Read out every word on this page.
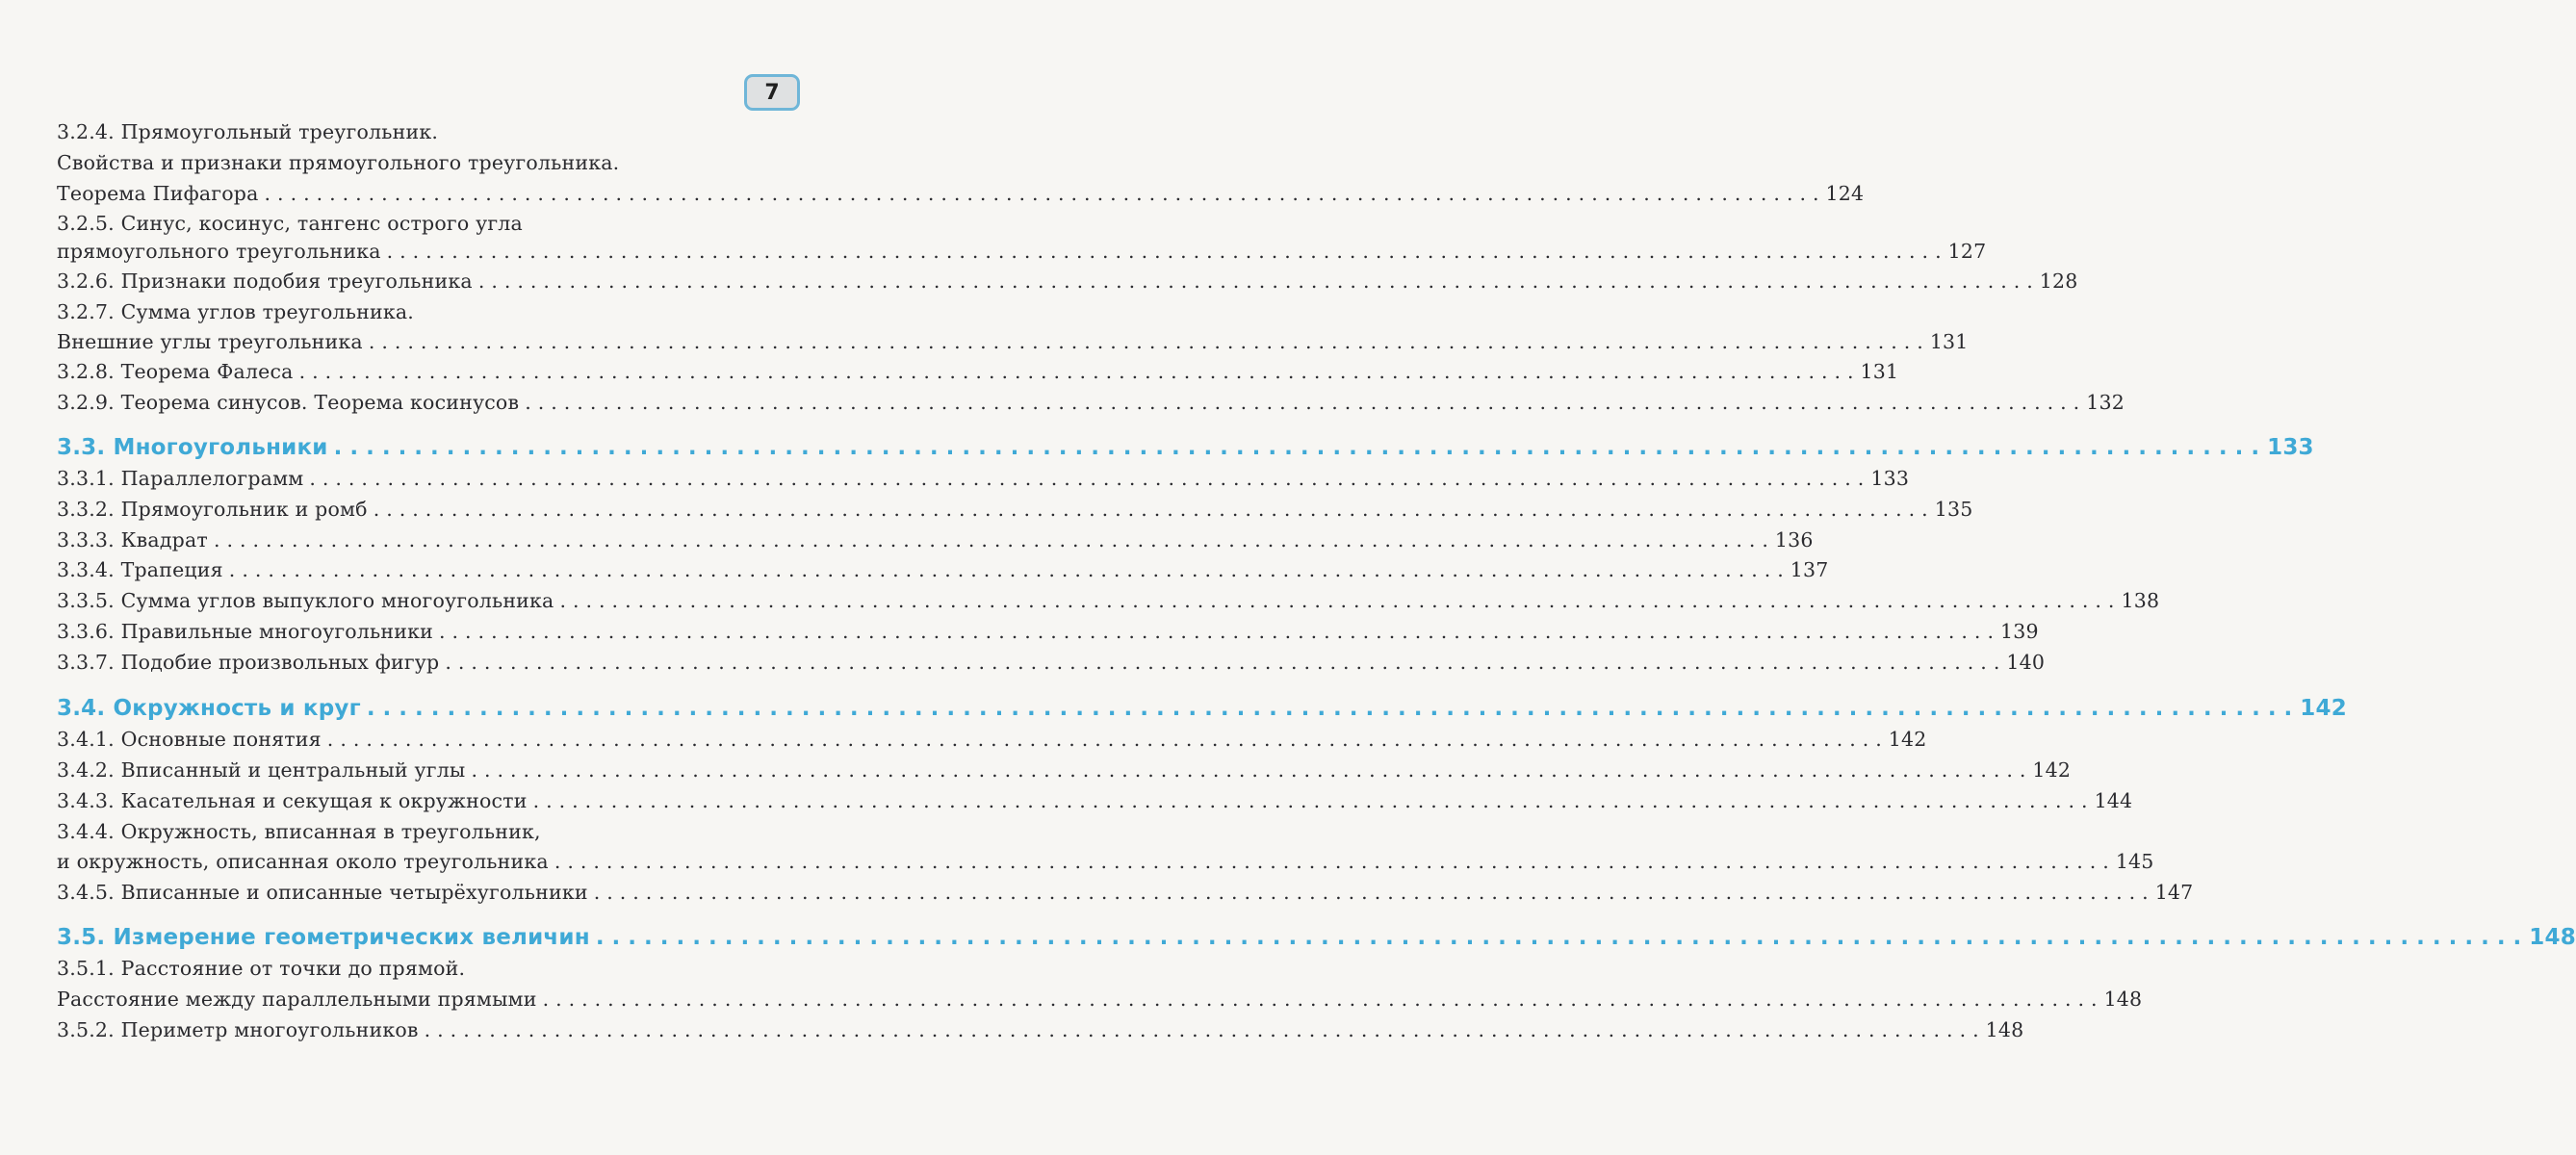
7
3.2.4. Прямоугольный треугольник.
Свойства и признаки прямоугольного треугольника.
Теорема Пифагора ........................................................................................................................ 124
3.2.5. Синус, косинус, тангенс острого угла
прямоугольного треугольника ........................................................................................................................ 127
3.2.6. Признаки подобия треугольника ........................................................................................................................ 128
3.2.7. Сумма углов треугольника.
Внешние углы треугольника ........................................................................................................................ 131
3.2.8. Теорема Фалеса ........................................................................................................................ 131
3.2.9. Теорема синусов. Теорема косинусов ........................................................................................................................ 132
3.3. Многоугольники ........................................................................................................................ 133
3.3.1. Параллелограмм ........................................................................................................................ 133
3.3.2. Прямоугольник и ромб ........................................................................................................................ 135
3.3.3. Квадрат ........................................................................................................................ 136
3.3.4. Трапеция ........................................................................................................................ 137
3.3.5. Сумма углов выпуклого многоугольника ........................................................................................................................ 138
3.3.6. Правильные многоугольники ........................................................................................................................ 139
3.3.7. Подобие произвольных фигур ........................................................................................................................ 140
3.4. Окружность и круг ........................................................................................................................ 142
3.4.1. Основные понятия ........................................................................................................................ 142
3.4.2. Вписанный и центральный углы ........................................................................................................................ 142
3.4.3. Касательная и секущая к окружности ........................................................................................................................ 144
3.4.4. Окружность, вписанная в треугольник,
и окружность, описанная около треугольника ........................................................................................................................ 145
3.4.5. Вписанные и описанные четырёхугольники ........................................................................................................................ 147
3.5. Измерение геометрических величин ........................................................................................................................ 148
3.5.1. Расстояние от точки до прямой.
Расстояние между параллельными прямыми ........................................................................................................................ 148
3.5.2. Периметр многоугольников ........................................................................................................................ 148
